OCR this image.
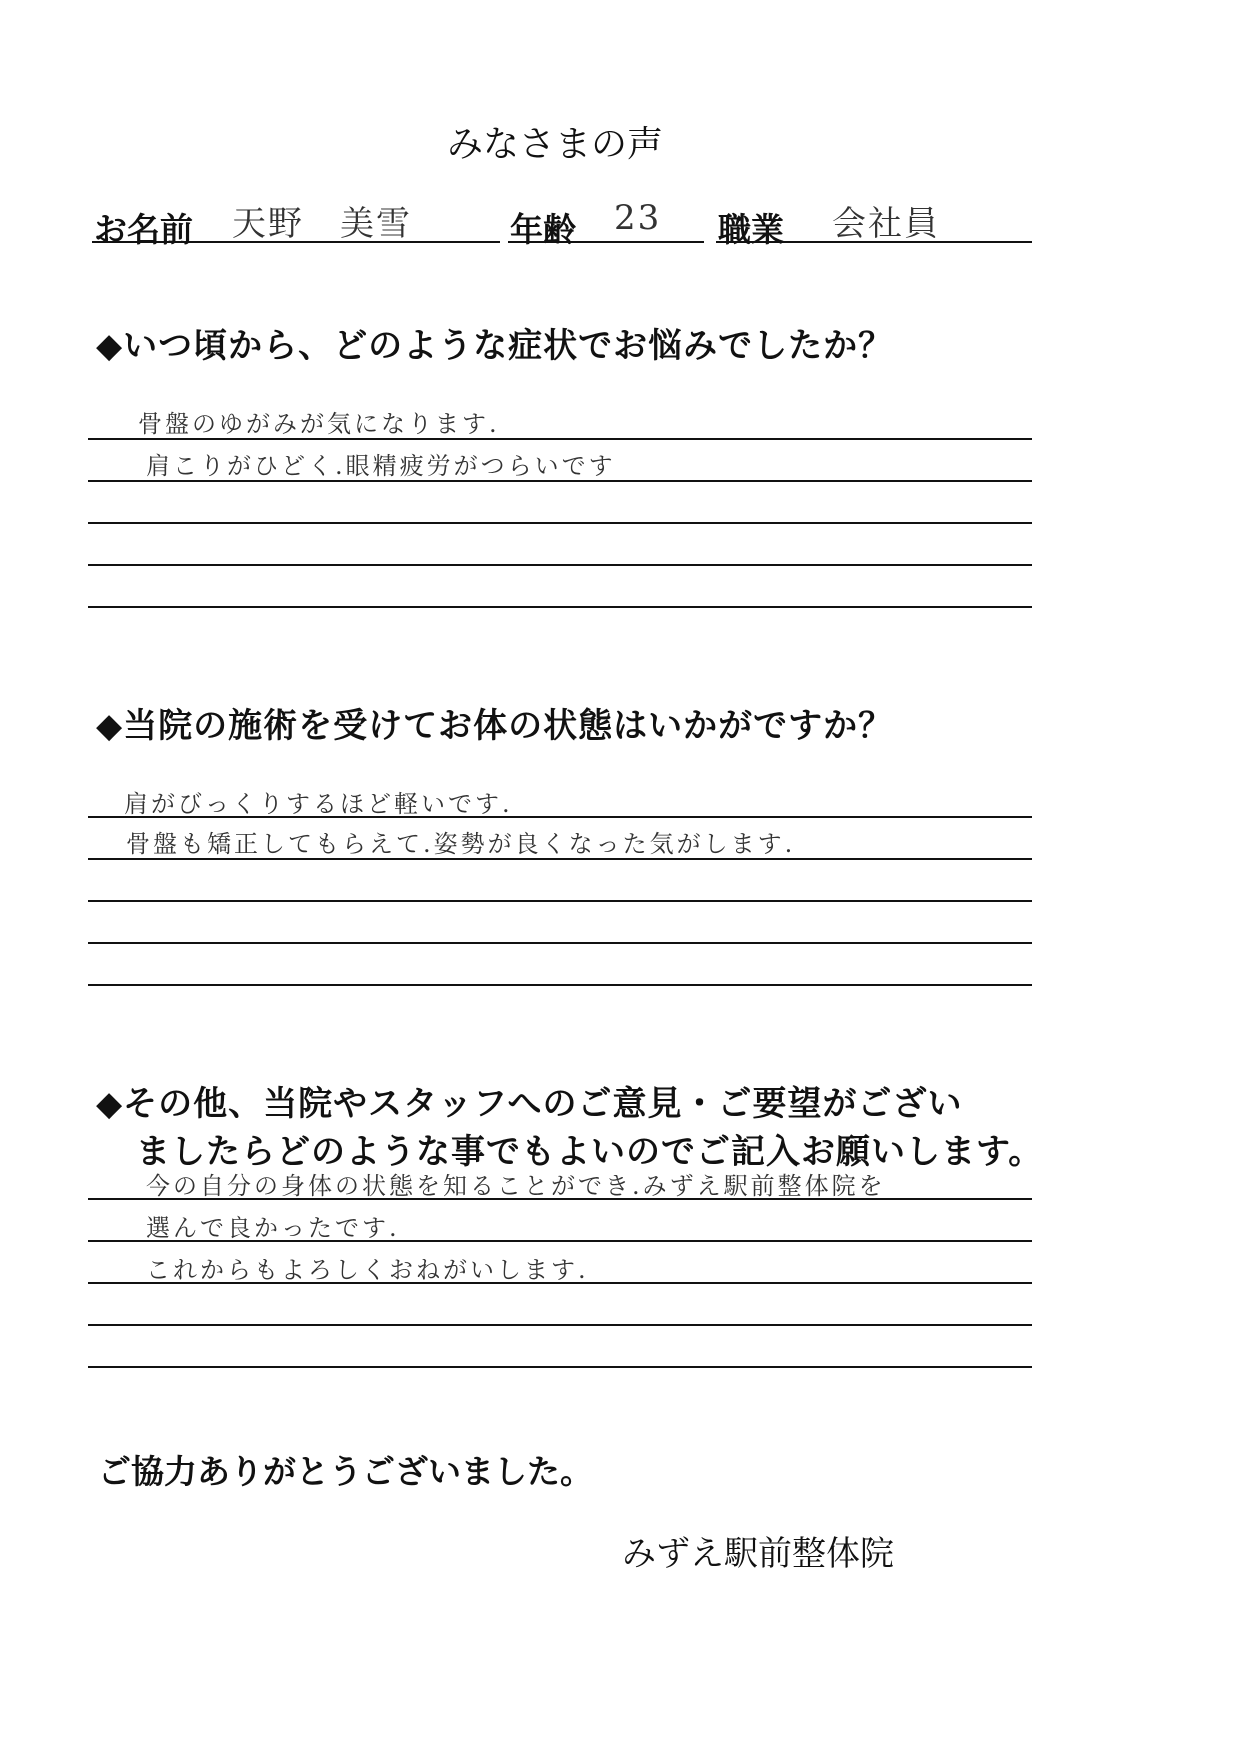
みなさまの声
お名前 天野　美雪	年齢 23 職業 会社員
◆いつ頃から、どのような症状でお悩みでしたか？
骨盤のゆがみが気になります.
肩こりがひどく.眼精疲労がつらいです
◆当院の施術を受けてお体の状態はいかがですか？
肩がびっくりするほど軽いです.
骨盤も矯正してもらえて.姿勢が良くなった気がします.
◆その他、当院やスタッフへのご意見・ご要望がござい
ましたらどのような事でもよいのでご記入お願いします。
今の自分の身体の状態を知ることができ.みずえ駅前整体院を
選んで良かったです.
これからもよろしくおねがいします.
ご協力ありがとうございました。
みずえ駅前整体院
